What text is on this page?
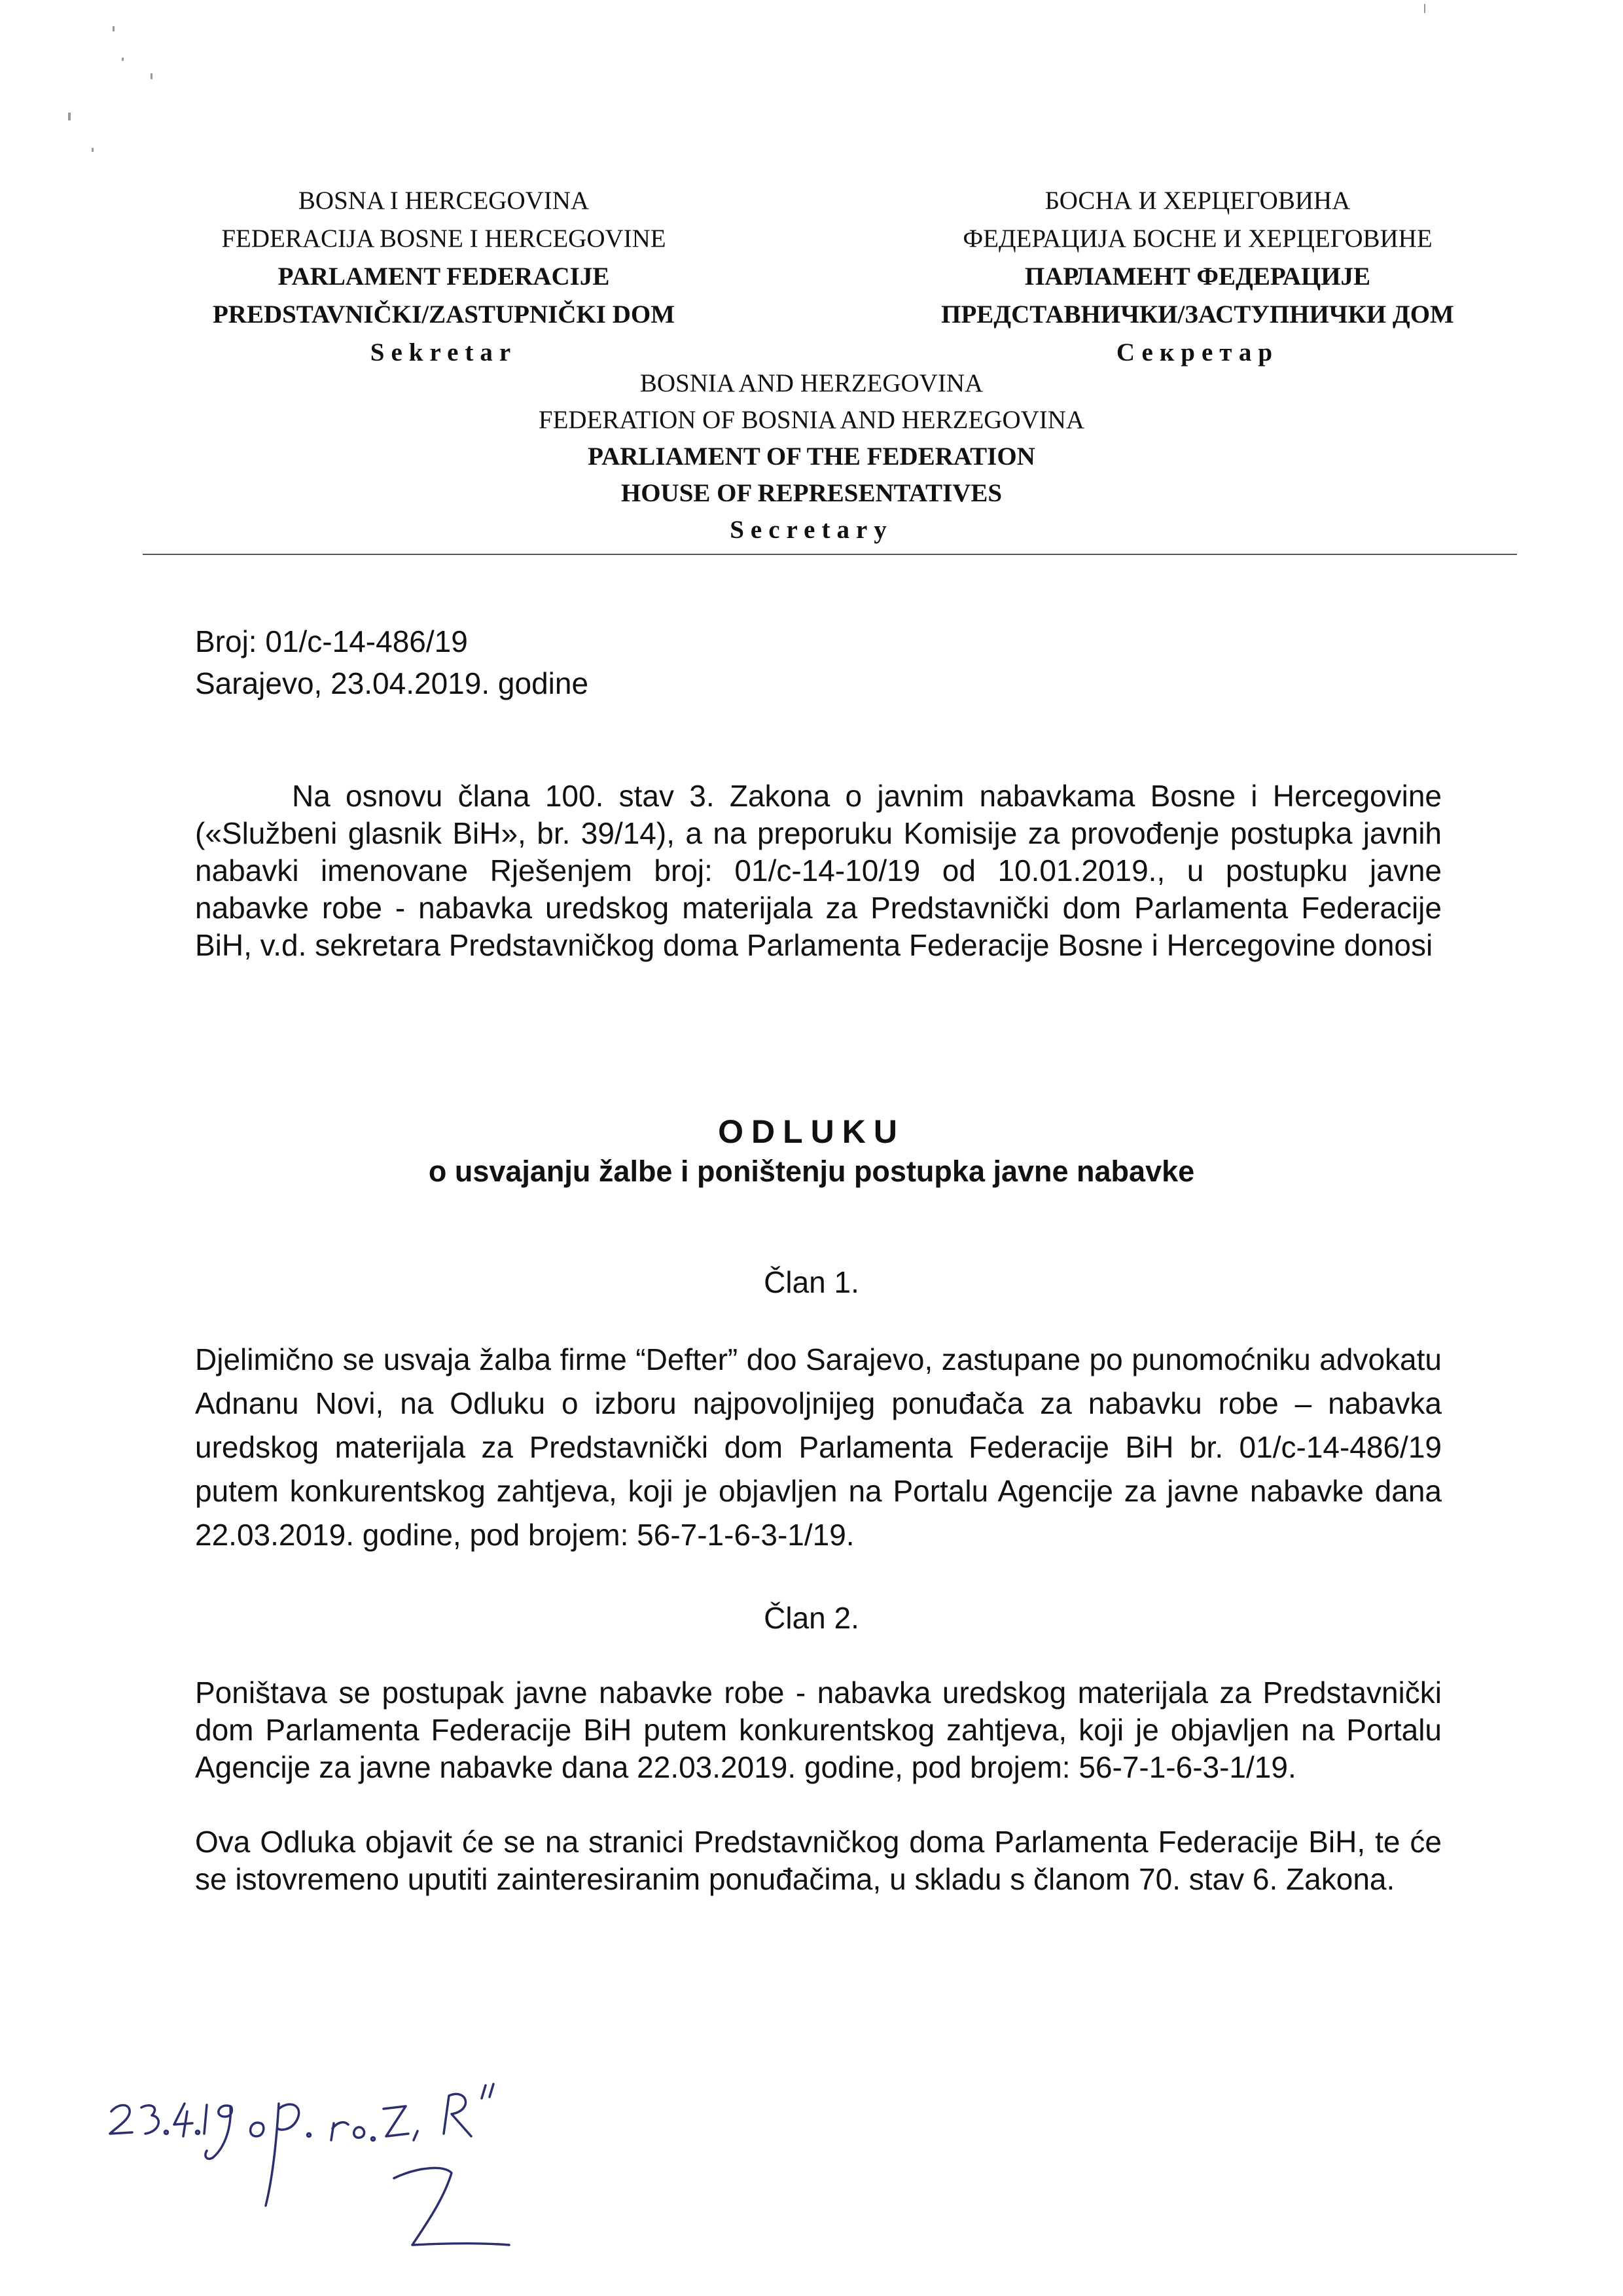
BOSNA I HERCEGOVINA
FEDERACIJA BOSNE I HERCEGOVINE
PARLAMENT FEDERACIJE
PREDSTAVNIČKI/ZASTUPNIČKI DOM
Sekretar
БОСНА И ХЕРЦЕГОВИНА
ФЕДЕРАЦИЈА БОСНЕ И ХЕРЦЕГОВИНЕ
ПАРЛАМЕНТ ФЕДЕРАЦИЈЕ
ПРЕДСТАВНИЧКИ/ЗАСТУПНИЧКИ ДОМ
Секретар
BOSNIA AND HERZEGOVINA
FEDERATION OF BOSNIA AND HERZEGOVINA
PARLIAMENT OF THE FEDERATION
HOUSE OF REPRESENTATIVES
Secretary
Broj: 01/c-14-486/19
Sarajevo, 23.04.2019. godine
Na osnovu člana 100. stav 3. Zakona o javnim nabavkama Bosne i Hercegovine («Službeni glasnik BiH», br. 39/14), a na preporuku Komisije za provođenje postupka javnih nabavki imenovane Rješenjem broj: 01/c-14-10/19 od 10.01.2019., u postupku javne nabavke robe - nabavka uredskog materijala za Predstavnički dom Parlamenta Federacije BiH, v.d. sekretara Predstavničkog doma Parlamenta Federacije Bosne i Hercegovine donosi
ODLUKU
o usvajanju žalbe i poništenju postupka javne nabavke
Član 1.
Djelimično se usvaja žalba firme “Defter” doo Sarajevo, zastupane po punomoćniku advokatu Adnanu Novi, na Odluku o izboru najpovoljnijeg ponuđača za nabavku robe – nabavka uredskog materijala za Predstavnički dom Parlamenta Federacije BiH br. 01/c-14-486/19 putem konkurentskog zahtjeva, koji je objavljen na Portalu Agencije za javne nabavke dana 22.03.2019. godine, pod brojem: 56-7-1-6-3-1/19.
Član 2.
Poništava se postupak javne nabavke robe - nabavka uredskog materijala za Predstavnički dom Parlamenta Federacije BiH putem konkurentskog zahtjeva, koji je objavljen na Portalu Agencije za javne nabavke dana 22.03.2019. godine, pod brojem: 56-7-1-6-3-1/19.
Ova Odluka objavit će se na stranici Predstavničkog doma Parlamenta Federacije BiH, te će se istovremeno uputiti zainteresiranim ponuđačima, u skladu s članom 70. stav 6. Zakona.
